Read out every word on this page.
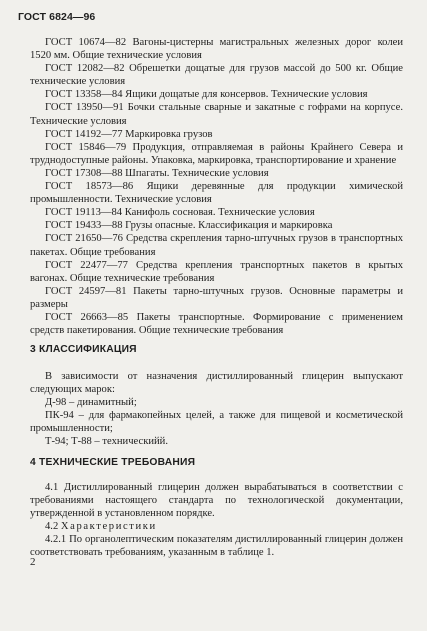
ГОСТ 6824—96

ГОСТ 10674—82 Вагоны-цистерны магистральных железных дорог колеи 1520 мм. Общие технические условия

ГОСТ 12082—82 Обрешетки дощатые для грузов массой до 500 кг. Общие технические условия

ГОСТ 13358—84 Ящики дощатые для консервов. Технические условия

ГОСТ 13950—91 Бочки стальные сварные и закатные с гофрами на корпусе. Технические условия

ГОСТ 14192—77 Маркировка грузов

ГОСТ 15846—79 Продукция, отправляемая в районы Крайнего Севера и труднодоступные районы. Упаковка, маркировка, транспортирование и хранение

ГОСТ 17308—88 Шпагаты. Технические условия

ГОСТ 18573—86 Ящики деревянные для продукции химической промышленности. Технические условия

ГОСТ 19113—84 Канифоль сосновая. Технические условия

ГОСТ 19433—88 Грузы опасные. Классификация и маркировка

ГОСТ 21650—76 Средства скрепления тарно-штучных грузов в транспортных пакетах. Общие требования

ГОСТ 22477—77 Средства крепления транспортных пакетов в крытых вагонах. Общие технические требования

ГОСТ 24597—81 Пакеты тарно-штучных грузов. Основные параметры и размеры

ГОСТ 26663—85 Пакеты транспортные. Формирование с применением средств пакетирования. Общие технические требования

3 КЛАССИФИКАЦИЯ

В зависимости от назначения дистиллированный глицерин выпускают следующих марок:

Д-98 – динамитный;

ПК-94 – для фармакопейных целей, а также для пищевой и косметической промышленности;

Т-94; Т-88 – техническийй.

4 ТЕХНИЧЕСКИЕ ТРЕБОВАНИЯ

4.1 Дистиллированный глицерин должен вырабатываться в соответствии с требованиями настоящего стандарта по технологической документации, утвержденной в установленном порядке.

4.2 Характеристики

4.2.1 По органолептическим показателям дистиллированный глицерин должен соответствовать требованиям, указанным в таблице 1.

2
